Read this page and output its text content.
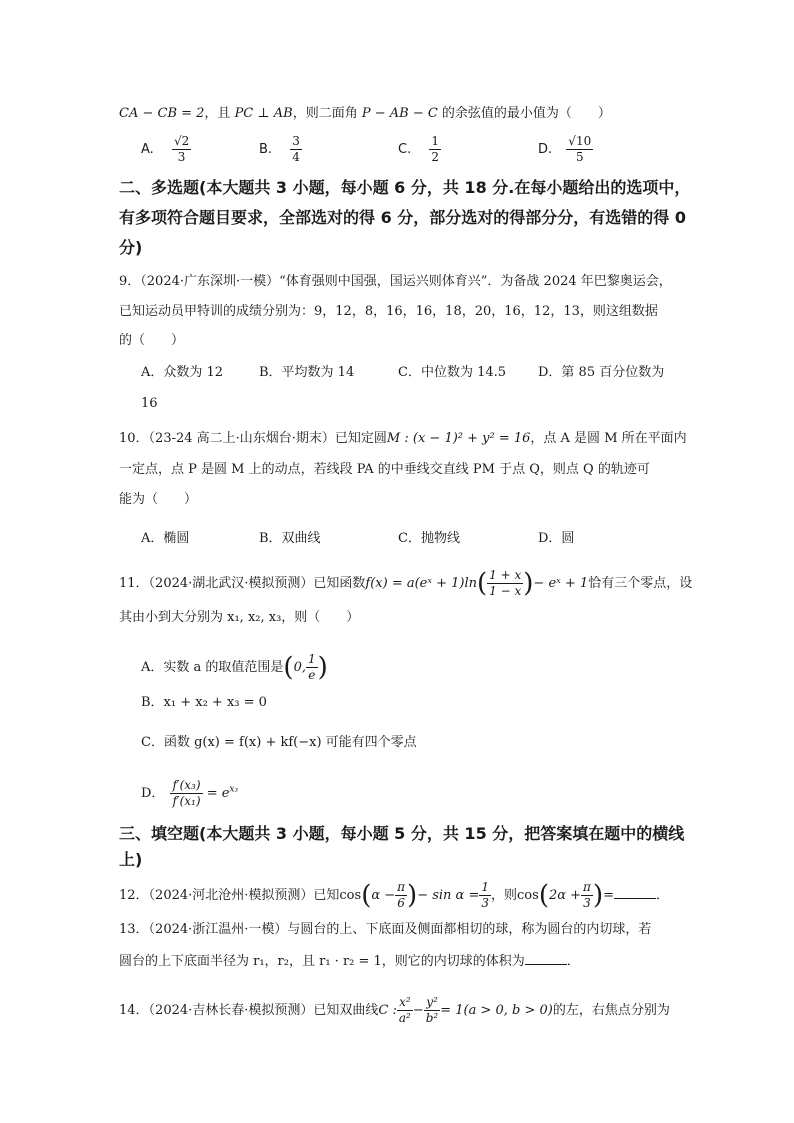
CA − CB = 2，且 PC ⊥ AB，则二面角 P − AB − C 的余弦值的最小值为（　　）
A. $\frac{√2}{3}$	B. $\frac{3}{4}$	C. $\frac{1}{2}$	D. $\frac{√10}{5}$
二、多选题(本大题共 3 小题，每小题 6 分，共 18 分.在每小题给出的选项中，
有多项符合题目要求，全部选对的得 6 分，部分选对的得部分分，有选错的得 0
分)
9．（2024·广东深圳·一模）“体育强则中国强，国运兴则体育兴”．为备战 2024 年巴黎奥运会，
已知运动员甲特训的成绩分别为：9，12，8，16，16，18，20，16，12，13，则这组数据
的（　　）
A．众数为 12	B．平均数为 14	C．中位数为 14.5 D．第 85 百分位数为
16
10．（23-24 高二上·山东烟台·期末）已知定圆M : (x − 1)² + y² = 16，点 A 是圆 M 所在平面内
一定点，点 P 是圆 M 上的动点，若线段 PA 的中垂线交直线 PM 于点 Q，则点 Q 的轨迹可
能为（　　）
A．椭圆	B．双曲线	C．抛物线	D．圆
11．（2024·湖北武汉·模拟预测）已知函数f(x) = a(eˣ + $1)\ln( \frac{1 + x}{1 - x}$ )− eˣ + 1恰有三个零点，设
其由小到大分别为 x₁, x₂, x₃，则（　　）
A．实数 a 的取值范围是(0, $\frac{1}{e}$ )
B．x₁ + x₂ + x₃ = 0
C．函数 g(x) = f(x) + kf(−x) 可能有四个零点
D． $\frac{\text{f′(x₃)}}{\text{f′(x₁)}} = e^{x_3}$
三、填空题(本大题共 3 小题，每小题 5 分，共 15 分，把答案填在题中的横线
上)
12．（2024·河北沧州·模拟预测）已知$\cos(\alpha - \frac{\pi}{6}$ )− $\sin \alpha = \frac{1}{3}$ ，则$\cos(2\alpha + \frac{\pi}{3}$ )=	．
13．（2024·浙江温州·一模）与圆台的上、下底面及侧面都相切的球，称为圆台的内切球，若
圆台的上下底面半径为 r₁，r₂，且 r₁ · r₂ = 1，则它的内切球的体积为	．
14．（2024·吉林长春·模拟预测）已知双曲线C : $\frac{\text{x²}}{\text{a²}} - \frac{\text{y²}}{\text{b²}} = 1(a > 0$, b > 0)的左，右焦点分别为
